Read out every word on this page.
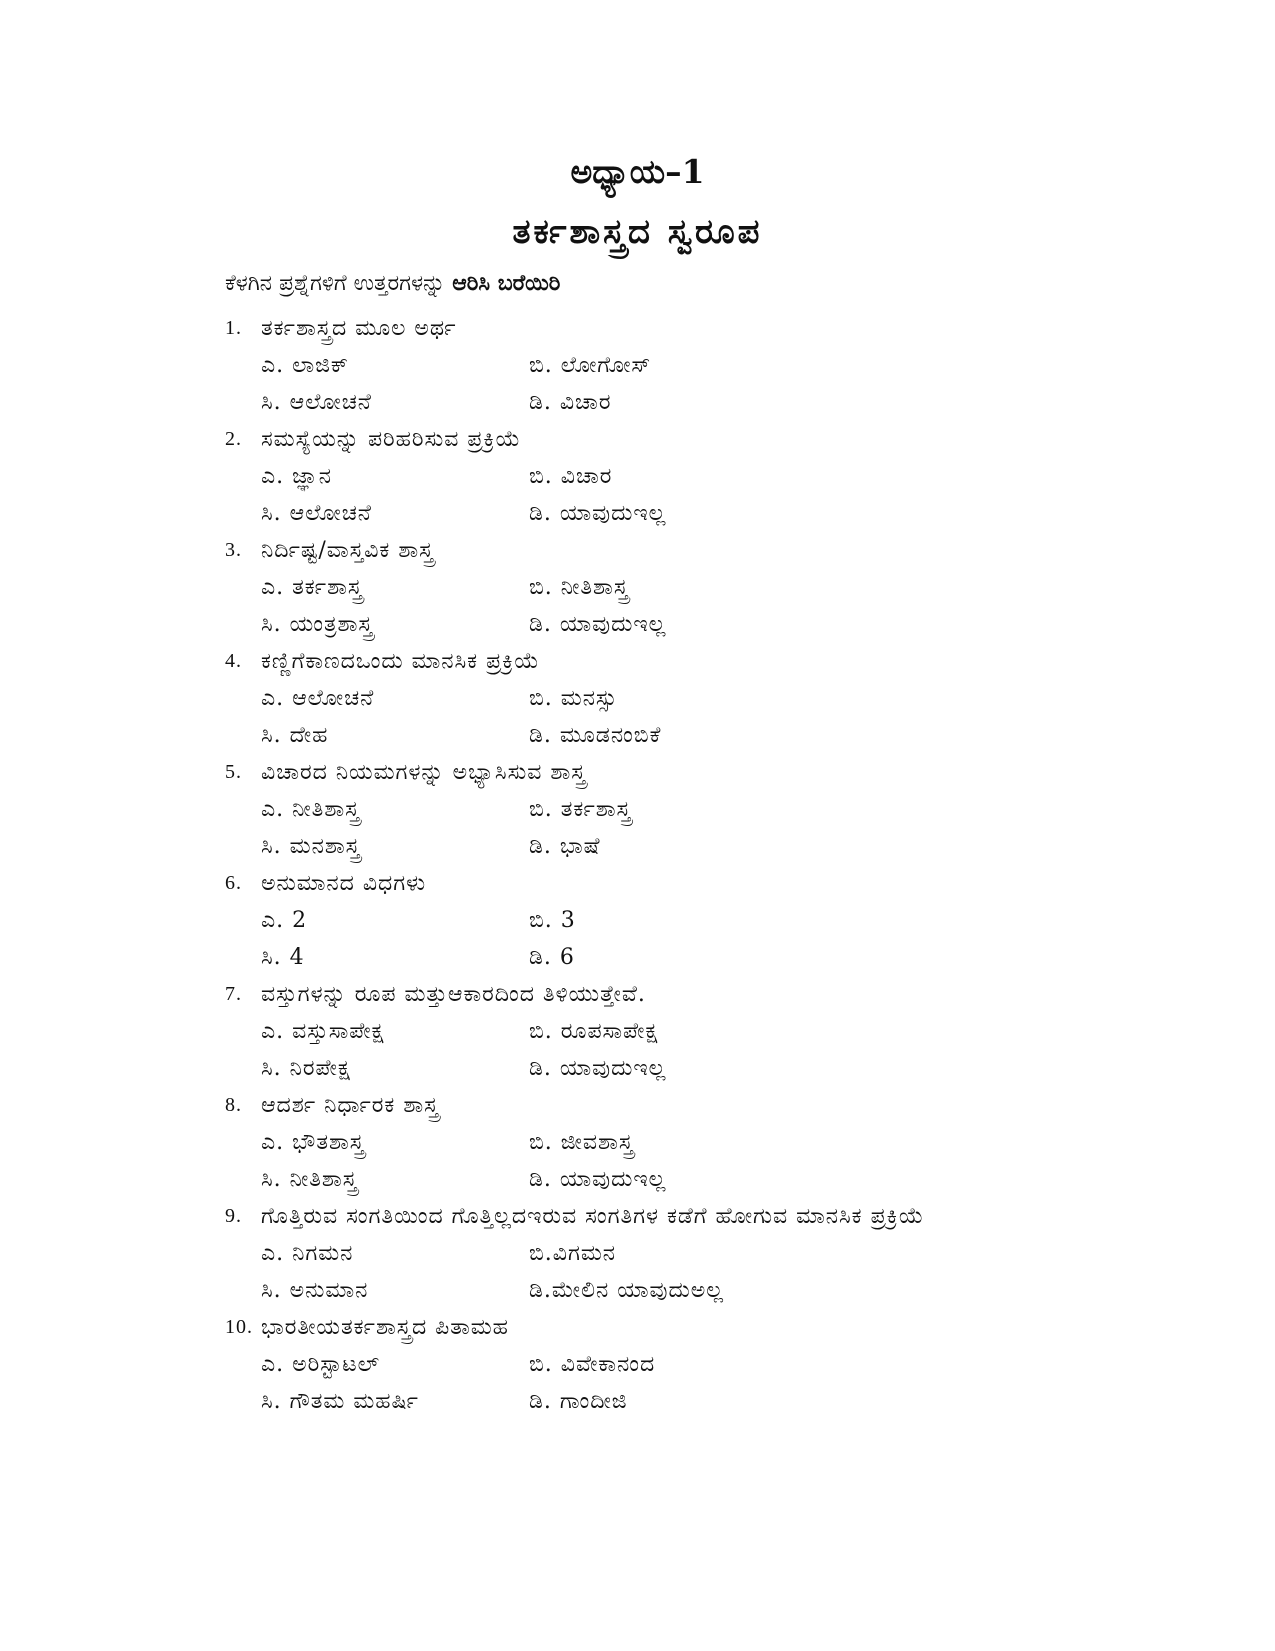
ಅಧ್ಯಾಯ–1
ತರ್ಕಶಾಸ್ತ್ರದ ಸ್ವರೂಪ
ಕೆಳಗಿನ ಪ್ರಶ್ನೆಗಳಿಗೆ ಉತ್ತರಗಳನ್ನು ಆರಿಸಿ ಬರೆಯಿರಿ
1. ತರ್ಕಶಾಸ್ತ್ರದ ಮೂಲ ಅರ್ಥ
ಎ. ಲಾಜಿಕ್	ಬಿ. ಲೋಗೋಸ್
ಸಿ. ಆಲೋಚನೆ	ಡಿ. ವಿಚಾರ
2. ಸಮಸ್ಯೆಯನ್ನು ಪರಿಹರಿಸುವ ಪ್ರಕ್ರಿಯೆ
ಎ. ಜ್ಞಾನ	ಬಿ. ವಿಚಾರ
ಸಿ. ಆಲೋಚನೆ	ಡಿ. ಯಾವುದುಇಲ್ಲ
3. ನಿರ್ದಿಷ್ಟ/ವಾಸ್ತವಿಕ ಶಾಸ್ತ್ರ
ಎ. ತರ್ಕಶಾಸ್ತ್ರ	ಬಿ. ನೀತಿಶಾಸ್ತ್ರ
ಸಿ. ಯಂತ್ರಶಾಸ್ತ್ರ	ಡಿ. ಯಾವುದುಇಲ್ಲ
4. ಕಣ್ಣಿಗೆಕಾಣದಒಂದು ಮಾನಸಿಕ ಪ್ರಕ್ರಿಯೆ
ಎ. ಆಲೋಚನೆ	ಬಿ. ಮನಸ್ಸು
ಸಿ. ದೇಹ	ಡಿ. ಮೂಡನಂಬಿಕೆ
5. ವಿಚಾರದ ನಿಯಮಗಳನ್ನು ಅಭ್ಯಾಸಿಸುವ ಶಾಸ್ತ್ರ
ಎ. ನೀತಿಶಾಸ್ತ್ರ	ಬಿ. ತರ್ಕಶಾಸ್ತ್ರ
ಸಿ. ಮನಶಾಸ್ತ್ರ	ಡಿ. ಭಾಷೆ
6. ಅನುಮಾನದ ವಿಧಗಳು
ಎ. 2	ಬಿ. 3
ಸಿ. 4	ಡಿ. 6
7. ವಸ್ತುಗಳನ್ನು ರೂಪ ಮತ್ತುಆಕಾರದಿಂದ ತಿಳಿಯುತ್ತೇವೆ.
ಎ. ವಸ್ತುಸಾಪೇಕ್ಷ	ಬಿ. ರೂಪಸಾಪೇಕ್ಷ
ಸಿ. ನಿರಪೇಕ್ಷ	ಡಿ. ಯಾವುದುಇಲ್ಲ
8. ಆದರ್ಶ ನಿರ್ಧಾರಕ ಶಾಸ್ತ್ರ
ಎ. ಭೌತಶಾಸ್ತ್ರ	ಬಿ. ಜೀವಶಾಸ್ತ್ರ
ಸಿ. ನೀತಿಶಾಸ್ತ್ರ	ಡಿ. ಯಾವುದುಇಲ್ಲ
9. ಗೊತ್ತಿರುವ ಸಂಗತಿಯಿಂದ ಗೊತ್ತಿಲ್ಲದಇರುವ ಸಂಗತಿಗಳ ಕಡೆಗೆ ಹೋಗುವ ಮಾನಸಿಕ ಪ್ರಕ್ರಿಯೆ
ಎ. ನಿಗಮನ	ಬಿ.ವಿಗಮನ
ಸಿ. ಅನುಮಾನ	ಡಿ.ಮೇಲಿನ ಯಾವುದುಅಲ್ಲ
10. ಭಾರತೀಯತರ್ಕಶಾಸ್ತ್ರದ ಪಿತಾಮಹ
ಎ. ಅರಿಸ್ಟಾಟಲ್	ಬಿ. ವಿವೇಕಾನಂದ
ಸಿ. ಗೌತಮ ಮಹರ್ಷಿ	ಡಿ. ಗಾಂದೀಜಿ
